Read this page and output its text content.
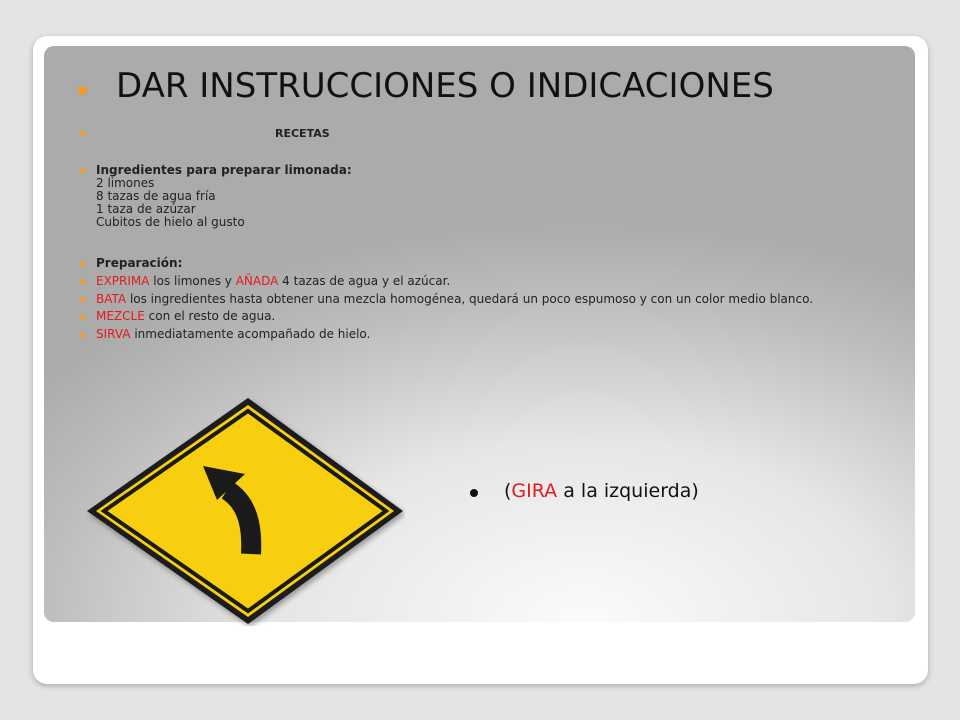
DAR INSTRUCCIONES O INDICACIONES
RECETAS
Ingredientes para preparar limonada:
2 limones
8 tazas de agua fría
1 taza de azúzar
Cubitos de hielo al gusto
Preparación:
EXPRIMA los limones y AÑADA 4 tazas de agua y el azúcar.
BATA los ingredientes hasta obtener una mezcla homogénea, quedará un poco espumoso y con un color medio blanco.
MEZCLE con el resto de agua.
SIRVA inmediatamente acompañado de hielo.
(GIRA a la izquierda)
